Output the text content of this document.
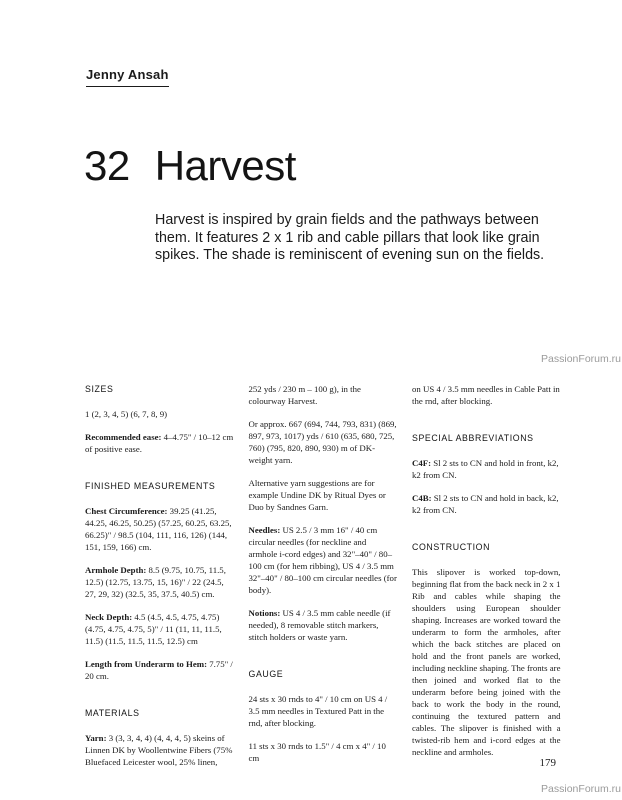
Jenny Ansah
32 Harvest

Harvest is inspired by grain fields and the pathways between them. It features 2 x 1 rib and cable pillars that look like grain spikes. The shade is reminiscent of evening sun on the fields.

SIZES

1 (2, 3, 4, 5) (6, 7, 8, 9)

Recommended ease: 4–4.75" / 10–12 cm of positive ease.

FINISHED MEASUREMENTS

Chest Circumference: 39.25 (41.25, 44.25, 46.25, 50.25) (57.25, 60.25, 63.25, 66.25)" / 98.5 (104, 111, 116, 126) (144, 151, 159, 166) cm.

Armhole Depth: 8.5 (9.75, 10.75, 11.5, 12.5) (12.75, 13.75, 15, 16)" / 22 (24.5, 27, 29, 32) (32.5, 35, 37.5, 40.5) cm.

Neck Depth: 4.5 (4.5, 4.5, 4.75, 4.75) (4.75, 4.75, 4.75, 5)" / 11 (11, 11, 11.5, 11.5) (11.5, 11.5, 11.5, 12.5) cm

Length from Underarm to Hem: 7.75" / 20 cm.

MATERIALS

Yarn: 3 (3, 3, 4, 4) (4, 4, 4, 5) skeins of Linnen DK by Woollentwine Fibers (75% Bluefaced Leicester wool, 25% linen,

252 yds / 230 m – 100 g), in the colourway Harvest.

Or approx. 667 (694, 744, 793, 831) (869, 897, 973, 1017) yds / 610 (635, 680, 725, 760) (795, 820, 890, 930) m of DK-weight yarn.

Alternative yarn suggestions are for example Undine DK by Ritual Dyes or Duo by Sandnes Garn.

Needles: US 2.5 / 3 mm 16" / 40 cm circular needles (for neckline and armhole i-cord edges) and 32"–40" / 80–100 cm (for hem ribbing), US 4 / 3.5 mm 32"–40" / 80–100 cm circular needles (for body).

Notions: US 4 / 3.5 mm cable needle (if needed), 8 removable stitch markers, stitch holders or waste yarn.

GAUGE

24 sts x 30 rnds to 4" / 10 cm on US 4 / 3.5 mm needles in Textured Patt in the rnd, after blocking.

11 sts x 30 rnds to 1.5" / 4 cm x 4" / 10 cm

on US 4 / 3.5 mm needles in Cable Patt in the rnd, after blocking.

SPECIAL ABBREVIATIONS

C4F: Sl 2 sts to CN and hold in front, k2, k2 from CN.

C4B: Sl 2 sts to CN and hold in back, k2, k2 from CN.

CONSTRUCTION

This slipover is worked top-down, beginning flat from the back neck in 2 x 1 Rib and cables while shaping the shoulders using European shoulder shaping. Increases are worked toward the underarm to form the armholes, after which the back stitches are placed on hold and the front panels are worked, including neckline shaping. The fronts are then joined and worked flat to the underarm before being joined with the back to work the body in the round, continuing the textured pattern and cables. The slipover is finished with a twisted-rib hem and i-cord edges at the neckline and armholes.

179
PassionForum.ru
PassionForum.ru
